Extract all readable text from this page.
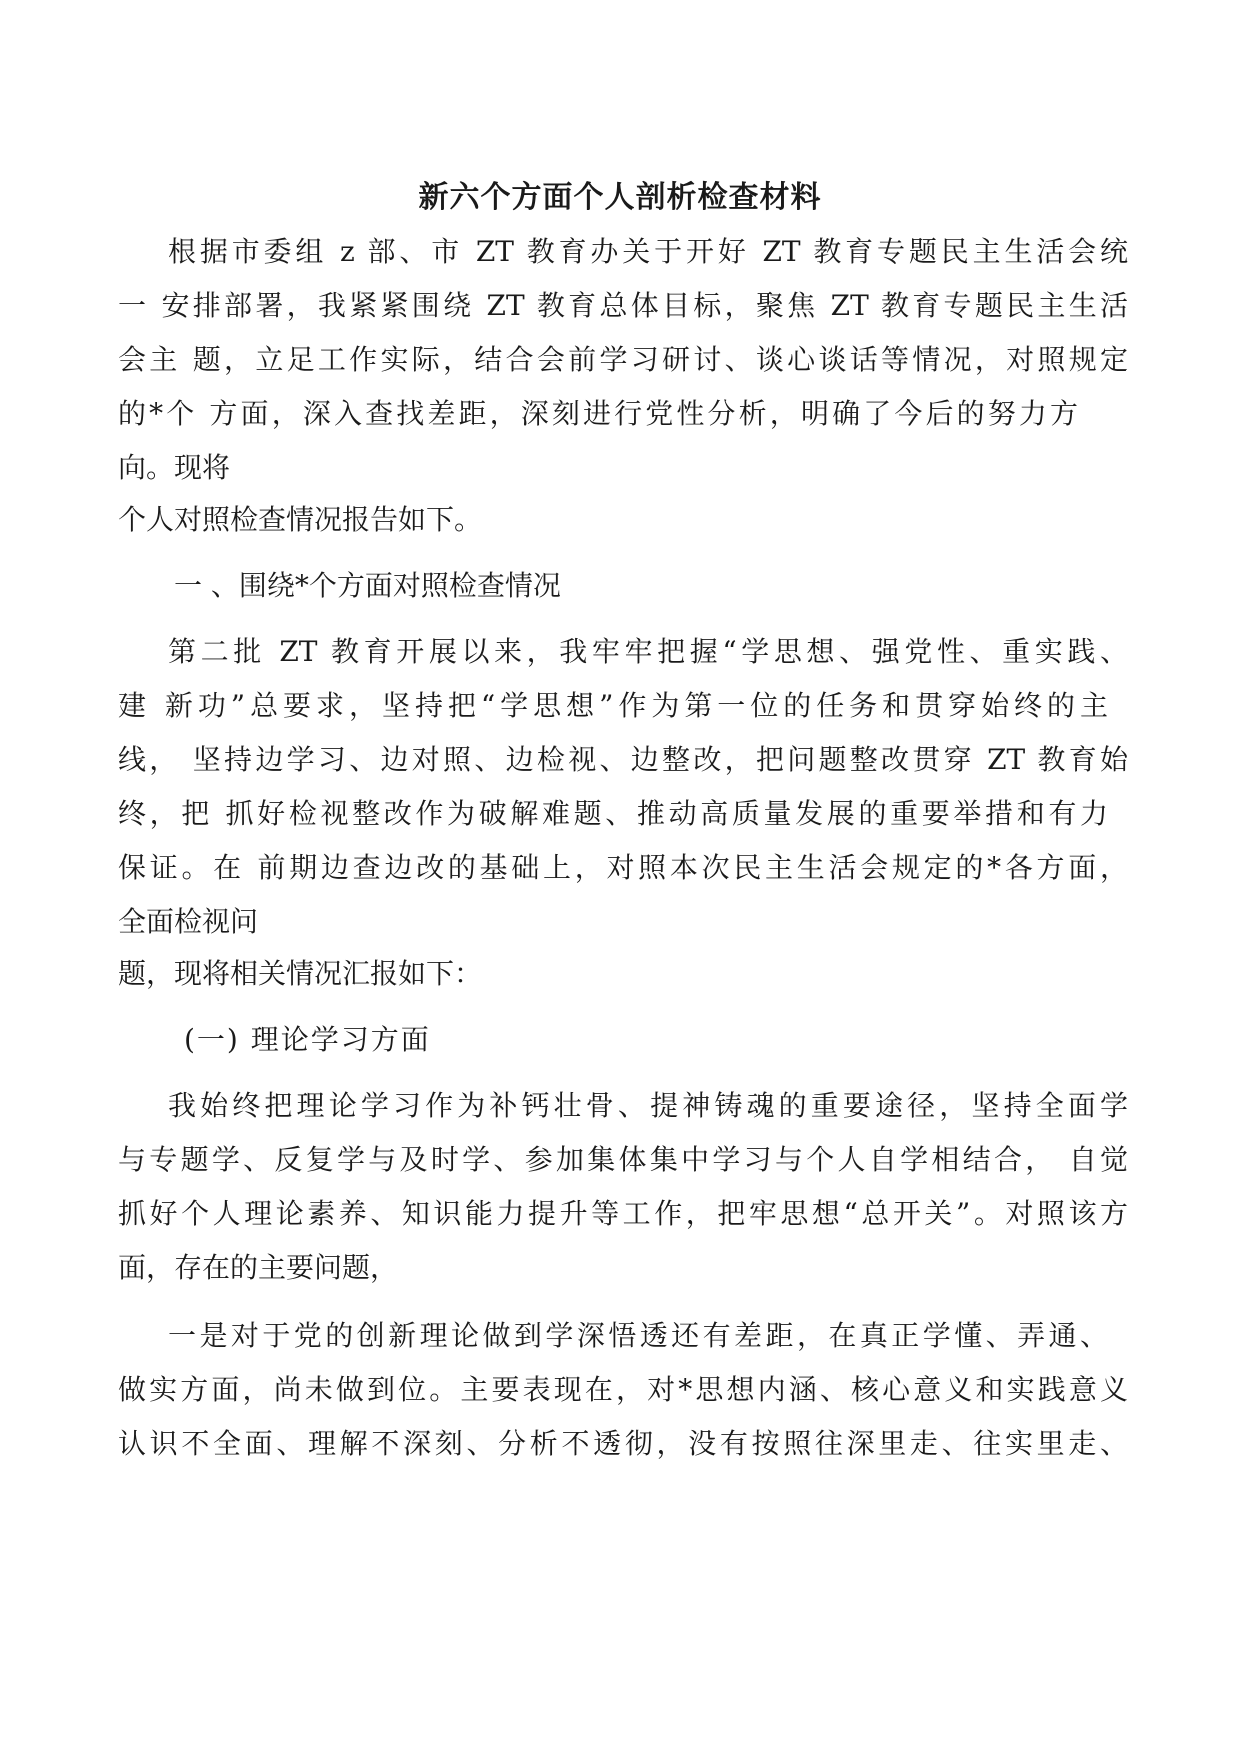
新六个方面个人剖析检查材料
根据市委组 z 部、市 ZT 教育办关于开好 ZT 教育专题民主生活会统
一 安排部署，我紧紧围绕 ZT 教育总体目标，聚焦 ZT 教育专题民主生活
会主 题，立足工作实际，结合会前学习研讨、谈心谈话等情况，对照规定
的*个 方面，深入查找差距，深刻进行党性分析，明确了今后的努力方
向。现将
个人对照检查情况报告如下。
一 、围绕*个方面对照检查情况
第二批 ZT 教育开展以来，我牢牢把握“学思想、强党性、重实践、
建 新功”总要求，坚持把“学思想”作为第一位的任务和贯穿始终的主
线， 坚持边学习、边对照、边检视、边整改，把问题整改贯穿 ZT 教育始
终，把 抓好检视整改作为破解难题、推动高质量发展的重要举措和有力
保证。在 前期边查边改的基础上，对照本次民主生活会规定的*各方面，
全面检视问
题，现将相关情况汇报如下：
(一) 理论学习方面
我始终把理论学习作为补钙壮骨、提神铸魂的重要途径，坚持全面学
与专题学、反复学与及时学、参加集体集中学习与个人自学相结合， 自觉
抓好个人理论素养、知识能力提升等工作，把牢思想“总开关”。对照该方
面，存在的主要问题，
一是对于党的创新理论做到学深悟透还有差距，在真正学懂、弄通、
做实方面，尚未做到位。主要表现在，对*思想内涵、核心意义和实践意义
认识不全面、理解不深刻、分析不透彻，没有按照往深里走、往实里走、
